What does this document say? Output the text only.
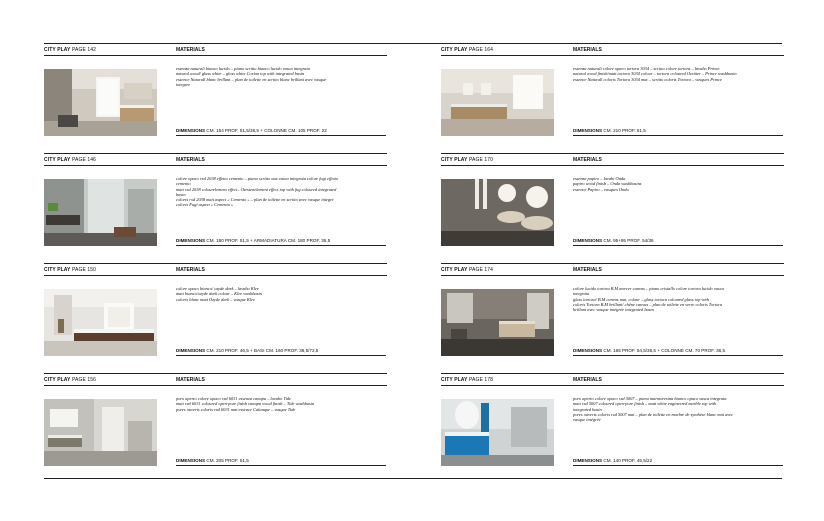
CITY PLAY PAGE 142	MATERIALS
essenza naturali bianco lucido – piano scritto bianco lucido vasca integrata
natural wood/ glass white – gloss white Corian top with integrated basin
essence Naturall blanc brillant – plan de toilette en scritto blanc brillant avec vasque
integree
DIMENSIONS CM. 154 PROF. 51,5/36,5 + COLONNE CM. 105 PROF. 22
CITY PLAY PAGE 146	MATERIALS
colore opaco rxd 2038 effetto cemento – piano scritto aux vasca integrata colore fugi effetto
cemento
matt rxd 2038 colourelement effect– Ozrstenelement effect top with fug coloured integrated
basin
coloris rxd 2038 matt aspect « Cemento » – plan de toilette en scritto avec vasque integre
coloris Fugi aspect « Cemento »
DIMENSIONS CM. 180 PROF. 51,5 + ARMADIATURA CM. 180 PROF. 36,5
CITY PLAY PAGE 150	MATERIALS
colore opaco bianco/ ozyde dark – lavabo Klee
matt bianco/ozyde dark colour – Klee washbasin
coloris blanc matt Ozyde dark – vasque Klee
DIMENSIONS CM. 210 PROF. 46,5 + BASI CM. 160 PROF. 36,5/72,5
CITY PLAY PAGE 156	MATERIALS
poro aperto colore opaco rxd 6031 essenza canapa – lavabo Tide
matt rxd 6031 coloured open-pore finish canapa wood finish – Tide washbasin
pores ouverts coloris rxd 6031 mat essence Calanque – vasque Tide
DIMENSIONS CM. 205 PROF. 51,5
CITY PLAY PAGE 164	MATERIALS
essenza naturali colore opaco tortora 3034 – scritto colore tortora – lavabo Prince
natural wood finish/matt tortora 3034 colour – tortora coloured Ozritter – Prince washbasin
essence Naturall coloris Tortora 3034 mat – scritto coloris Tortora – vasques Prince
DIMENSIONS CM. 210 PROF. 51,5
CITY PLAY PAGE 170	MATERIALS
essenza papiro – lavabi Onda
papiro wood finish – Onda washbasins
essence Papiro – vasques Onda
DIMENSIONS CM. 95+95 PROF. 54/36
CITY PLAY PAGE 174	MATERIALS
colore lucido tortora B.M mercer canvas – piano cristallo colore tortora lucido vasca
integrata
glass tortora/ B.M canvas mat. colour – glass tortora coloured glass top with
coloris Tortora B.M brillant/ chêne canvas – plan de toilette en verre coloris Tortora
brillant avec vasque intégrée integrated basin
DIMENSIONS CM. 165 PROF. 54,5/36,5 + COLONNE CM. 70 PROF. 36,5
CITY PLAY PAGE 178	MATERIALS
poro aperto colore opaco rxd 5007 – piano marmoresina bianco opaco vasca integrata
matt rxd 5007 coloured open-pore finish – matt white engineered marble top with
integrated basin
pores ouverts coloris rxd 5007 mat – plan de toilette en marbre de synthèse blanc mat avec
vasque intégrée
DIMENSIONS CM. 140 PROF. 45,5/22
